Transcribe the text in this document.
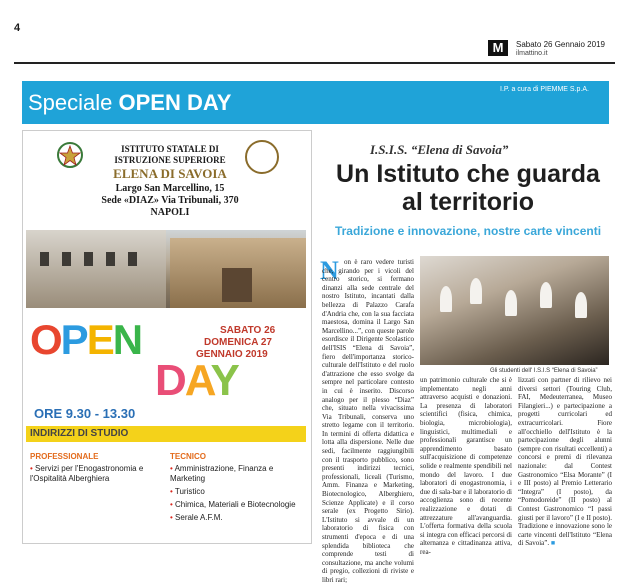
4
M	Sabato 26 Gennaio 2019
ilmattino.it
Speciale OPEN DAY
I.P. a cura di PIEMME S.p.A.
ISTITUTO STATALE DI ISTRUZIONE SUPERIORE
ELENA DI SAVOIA
Largo San Marcellino, 15
Sede «DIAZ» Via Tribunali, 370
NAPOLI
OPEN
DAY
SABATO 26
DOMENICA 27
GENNAIO 2019
ORE 9.30 - 13.30
INDIRIZZI DI STUDIO
PROFESSIONALE
• Servizi per l'Enogastronomia e l'Ospitalità Alberghiera
TECNICO
• Amministrazione, Finanza e Marketing
• Turistico
• Chimica, Materiali e Biotecnologie
• Serale A.F.M.
I.S.I.S. “Elena di Savoia”
Un Istituto che guarda
al territorio
Tradizione e innovazione, nostre carte vincenti
N on è raro vedere turisti che, girando per i vicoli del centro storico, si fermano dinanzi alla sede centrale del nostro Istituto, incantati dalla bellezza di Palazzo Carafa d'Andria che, con la sua facciata maestosa, domina il Largo San Marcellino...”, con queste parole esordisce il Dirigente Scolastico dell'ISIS “Elena di Savoia”, fiero dell'importanza storico-culturale dell'Istituto e del ruolo d'attrazione che esso svolge da sempre nel particolare contesto in cui è inserito. Discorso analogo per il plesso “Diaz” che, situato nella vivacissima Via Tribunali, conserva uno stretto legame con il territorio. In termini di offerta didattica e lotta alla dispersione. Nelle due sedi, facilmente raggiungibili con il trasporto pubblico, sono presenti indirizzi tecnici, professionali, liceali (Turismo, Amm. Finanza e Marketing, Biotecnologico, Alberghiero, Scienze Applicate) e il corso serale (ex Progetto Sirio). L'Istituto si avvale di un laboratorio di fisica con strumenti d'epoca e di una splendida biblioteca che comprende testi di consultazione, ma anche volumi di pregio, collezioni di riviste e libri rari;
Gli studenti dell' I.S.I.S “Elena di Savoia”
un patrimonio culturale che si è implementato negli anni attraverso acquisti e donazioni. La presenza di laboratori scientifici (fisica, chimica, biologia, microbiologia), linguistici, multimediali e professionali garantisce un apprendimento basato sull'acquisizione di competenze solide e realmente spendibili nel mondo del lavoro. I due laboratori di enogastronomia, i due di sala-bar e il laboratorio di accoglienza sono di recente realizzazione e dotati di attrezzature all'avanguardia. L'offerta formativa della scuola si integra con efficaci percorsi di alternanza e cittadinanza attiva, rea-
lizzati con partner di rilievo nei diversi settori (Touring Club, FAI, Medeuterranea, Museo Filangieri...) e partecipazione a progetti curricolari ed extracurricolari. Fiore all'occhiello dell'Istituto è la partecipazione degli alunni (sempre con risultati eccellenti) a concorsi e premi di rilevanza nazionale: dal Contest Gastronomico “Elsa Morante” (I e III posto) al Premio Letterario “Integra” (I posto), da “Pomodoreide” (II posto) al Contest Gastronomico “I passi giusti per il lavoro” (I e II posto). Tradizione e innovazione sono le carte vincenti dell'Istituto “Elena di Savoia”. ■
